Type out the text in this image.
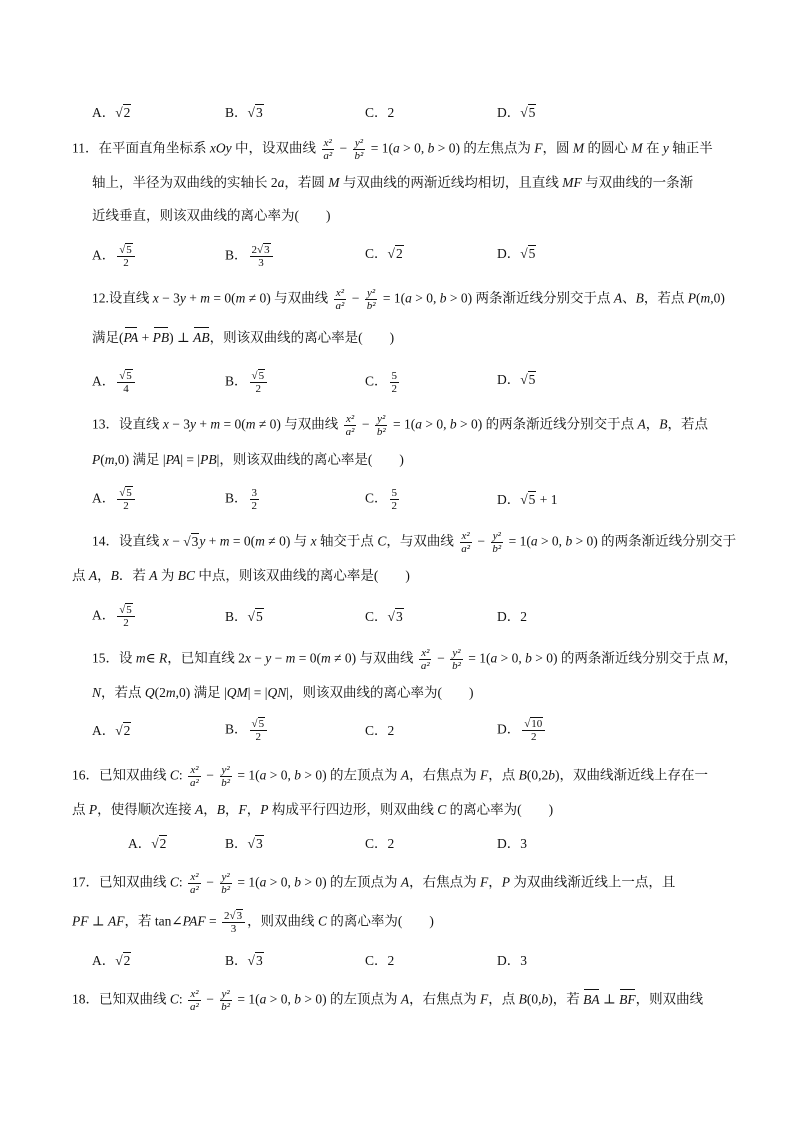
A．√2	B．√3	C．2	D．√5
11．在平面直角坐标系 xOy 中，设双曲线 $\frac{\text{x²}}{\text{a²}} - \frac{\text{y²}}{\text{b²}} = 1(a > 0$, b > 0) 的左焦点为 F，圆 M 的圆心 M 在 y 轴正半
轴上，半径为双曲线的实轴长 2a，若圆 M 与双曲线的两渐近线均相切，且直线 MF 与双曲线的一条渐
近线垂直，则该双曲线的离心率为(　　)
A． $\frac{√5}{2}$	B． $\frac{2√3}{3}$	C．√2	D．√5
12.设直线 x − 3y + m = 0(m ≠ 0) 与双曲线 $\frac{\text{x²}}{\text{a²}} - \frac{\text{y²}}{\text{b²}} = 1(a > 0$, b > 0) 两条渐近线分别交于点 A、B，若点 P(m,0)
满足(PA + PB) ⊥ AB，则该双曲线的离心率是(　　)
A． $\frac{√5}{4}$	B． $\frac{√5}{2}$	C． $\frac{5}{2}$	D．√5
13．设直线 x − 3y + m = 0(m ≠ 0) 与双曲线 $\frac{\text{x²}}{\text{a²}} - \frac{\text{y²}}{\text{b²}} = 1(a > 0$, b > 0) 的两条渐近线分别交于点 A，B，若点
P(m,0) 满足 |PA| = |PB|，则该双曲线的离心率是(　　)
A． $\frac{√5}{2}$	B． $\frac{3}{2}$	C． $\frac{5}{2}$	D．√5 + 1
14．设直线 x − √3y + m = 0(m ≠ 0) 与 x 轴交于点 C，与双曲线 $\frac{\text{x²}}{\text{a²}} - \frac{\text{y²}}{\text{b²}} = 1(a > 0$, b > 0) 的两条渐近线分别交于
点 A，B．若 A 为 BC 中点，则该双曲线的离心率是(　　)
A． $\frac{√5}{2}$	B．√5	C．√3	D．2
15．设 m∈ R，已知直线 2x − y − m = 0(m ≠ 0) 与双曲线 $\frac{\text{x²}}{\text{a²}} - \frac{\text{y²}}{\text{b²}} = 1(a > 0$, b > 0) 的两条渐近线分别交于点 M，
N，若点 Q(2m,0) 满足 |QM| = |QN|，则该双曲线的离心率为(　　)
A．√2	B． $\frac{√5}{2}$	C．2	D． $\frac{√10}{2}$
16．已知双曲线 C: $\frac{\text{x²}}{\text{a²}} - \frac{\text{y²}}{\text{b²}} = 1(a > 0$, b > 0) 的左顶点为 A，右焦点为 F，点 B(0,2b)，双曲线渐近线上存在一
点 P，使得顺次连接 A，B，F，P 构成平行四边形，则双曲线 C 的离心率为(　　)
A．√2	B．√3	C．2	D．3
17．已知双曲线 C: $\frac{\text{x²}}{\text{a²}} - \frac{\text{y²}}{\text{b²}} = 1(a > 0$, b > 0) 的左顶点为 A，右焦点为 F，P 为双曲线渐近线上一点，且
PF ⊥ AF，若 tan∠PAF = $\frac{2√3}{3}$ ，则双曲线 C 的离心率为(　　)
A．√2	B．√3	C．2	D．3
18．已知双曲线 C: $\frac{\text{x²}}{\text{a²}} - \frac{\text{y²}}{\text{b²}} = 1(a > 0$, b > 0) 的左顶点为 A，右焦点为 F，点 B(0,b)，若 BA ⊥ BF，则双曲线
